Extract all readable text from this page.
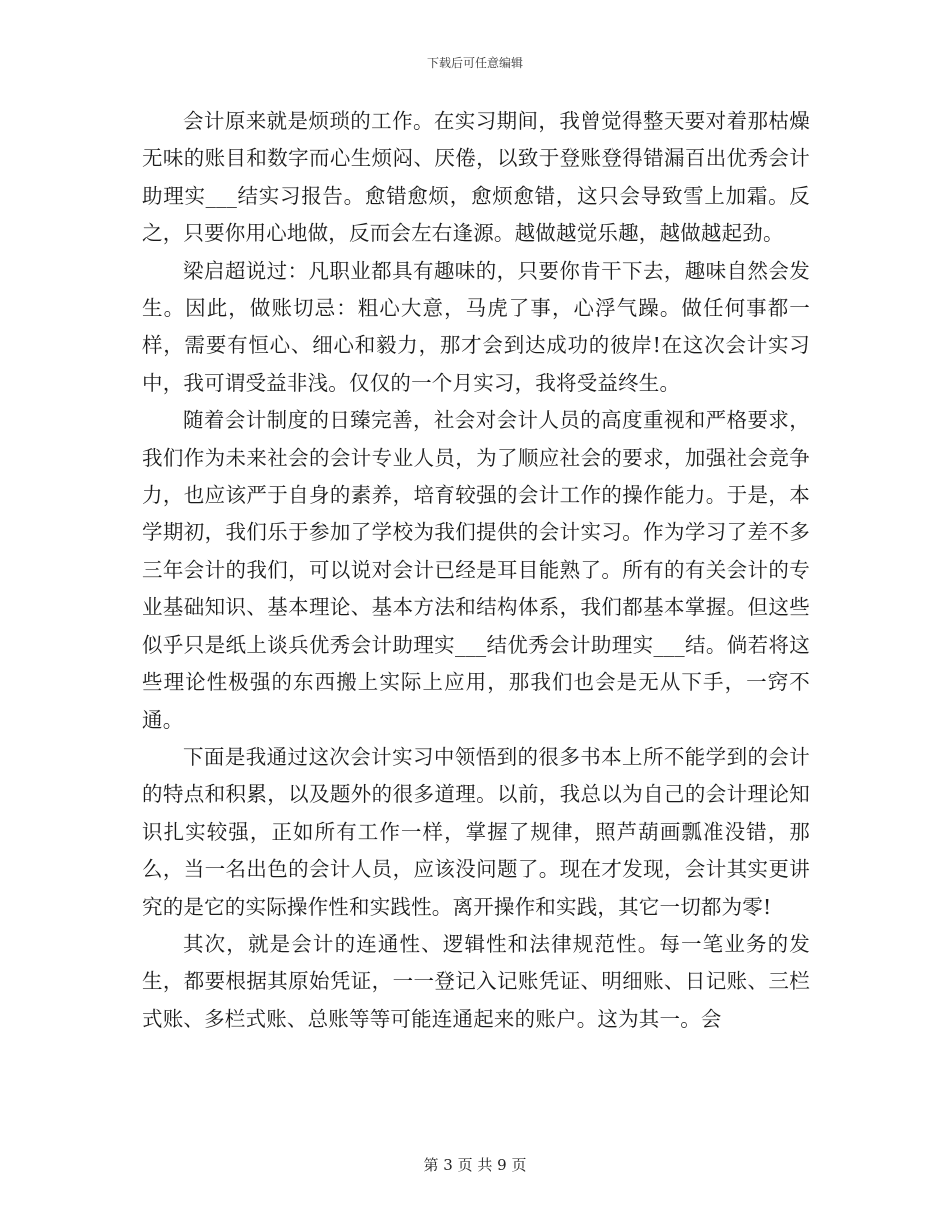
下载后可任意编辑

会计原来就是烦琐的工作。在实习期间，我曾觉得整天要对着那枯燥无味的账目和数字而心生烦闷、厌倦，以致于登账登得错漏百出优秀会计助理实___结实习报告。愈错愈烦，愈烦愈错，这只会导致雪上加霜。反之，只要你用心地做，反而会左右逢源。越做越觉乐趣，越做越起劲。

梁启超说过：凡职业都具有趣味的，只要你肯干下去，趣味自然会发生。因此，做账切忌：粗心大意，马虎了事，心浮气躁。做任何事都一样，需要有恒心、细心和毅力，那才会到达成功的彼岸!在这次会计实习中，我可谓受益非浅。仅仅的一个月实习，我将受益终生。

随着会计制度的日臻完善，社会对会计人员的高度重视和严格要求，我们作为未来社会的会计专业人员，为了顺应社会的要求，加强社会竞争力，也应该严于自身的素养，培育较强的会计工作的操作能力。于是，本学期初，我们乐于参加了学校为我们提供的会计实习。作为学习了差不多三年会计的我们，可以说对会计已经是耳目能熟了。所有的有关会计的专业基础知识、基本理论、基本方法和结构体系，我们都基本掌握。但这些似乎只是纸上谈兵优秀会计助理实___结优秀会计助理实___结。倘若将这些理论性极强的东西搬上实际上应用，那我们也会是无从下手，一窍不通。

下面是我通过这次会计实习中领悟到的很多书本上所不能学到的会计的特点和积累，以及题外的很多道理。以前，我总以为自己的会计理论知识扎实较强，正如所有工作一样，掌握了规律，照芦葫画瓢准没错，那么，当一名出色的会计人员，应该没问题了。现在才发现，会计其实更讲究的是它的实际操作性和实践性。离开操作和实践，其它一切都为零!

其次，就是会计的连通性、逻辑性和法律规范性。每一笔业务的发生，都要根据其原始凭证，一一登记入记账凭证、明细账、日记账、三栏式账、多栏式账、总账等等可能连通起来的账户。这为其一。会

第 3 页 共 9 页
